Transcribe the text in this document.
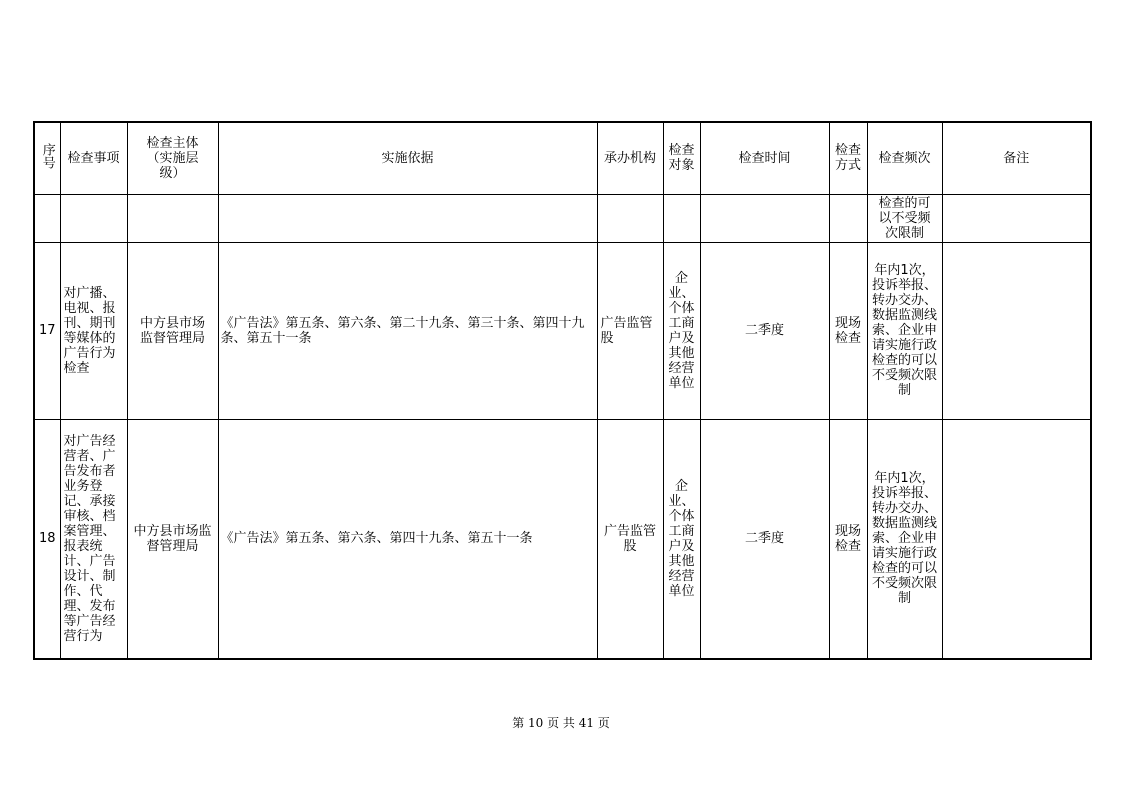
序号	检查事项	检查主体（实施层级）	实施依据	承办机构	检查对象	检查时间	检查方式	检查频次	备注

								检查的可以不受频次限制	

17	对广播、电视、报刊、期刊等媒体的广告行为检查	中方县市场监督管理局	《广告法》第五条、第六条、第二十九条、第三十条、第四十九条、第五十一条	广告监管股	企业、个体工商户及其他经营单位	二季度	现场检查	年内1次，投诉举报、转办交办、数据监测线索、企业申请实施行政检查的可以不受频次限制	

18	对广告经营者、广告发布者业务登记、承接审核、档案管理、报表统计、广告设计、制作、代理、发布等广告经营行为	中方县市场监督管理局	《广告法》第五条、第六条、第四十九条、第五十一条	广告监管股	企业、个体工商户及其他经营单位	二季度	现场检查	年内1次，投诉举报、转办交办、数据监测线索、企业申请实施行政检查的可以不受频次限制	

第 10 页 共 41 页
